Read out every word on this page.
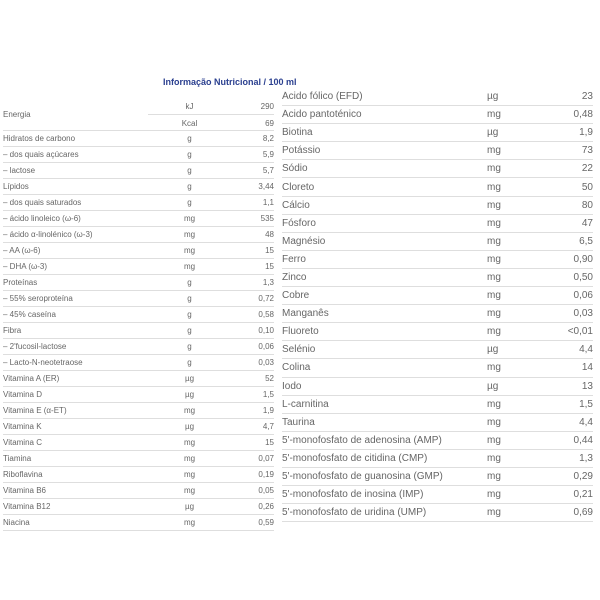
Informação Nutricional / 100 ml
Energia
kJ	290
Kcal	69
Hidratos de carbono	g	8,2
– dos quais açúcares	g	5,9
– lactose	g	5,7
Lípidos	g	3,44
– dos quais saturados	g	1,1
– ácido linoleico (ω-6)	mg	535
– ácido α-linolénico (ω-3)	mg	48
– AA (ω-6)	mg	15
– DHA (ω-3)	mg	15
Proteínas	g	1,3
– 55% seroproteína	g	0,72
– 45% caseína	g	0,58
Fibra	g	0,10
– 2'fucosil-lactose	g	0,06
– Lacto-N-neotetraose	g	0,03
Vitamina A (ER)	µg	52
Vitamina D	µg	1,5
Vitamina E (α-ET)	mg	1,9
Vitamina K	µg	4,7
Vitamina C	mg	15
Tiamina	mg	0,07
Riboflavina	mg	0,19
Vitamina B6	mg	0,05
Vitamina B12	µg	0,26
Niacina	mg	0,59
Ácido fólico (EFD)	µg	23
Ácido pantoténico	mg	0,48
Biotina	µg	1,9
Potássio	mg	73
Sódio	mg	22
Cloreto	mg	50
Cálcio	mg	80
Fósforo	mg	47
Magnésio	mg	6,5
Ferro	mg	0,90
Zinco	mg	0,50
Cobre	mg	0,06
Manganês	mg	0,03
Fluoreto	mg	<0,01
Selénio	µg	4,4
Colina	mg	14
Iodo	µg	13
L-carnitina	mg	1,5
Taurina	mg	4,4
5'-monofosfato de adenosina (AMP)	mg	0,44
5'-monofosfato de citidina (CMP)	mg	1,3
5'-monofosfato de guanosina (GMP)	mg	0,29
5'-monofosfato de inosina (IMP)	mg	0,21
5'-monofosfato de uridina (UMP)	mg	0,69
